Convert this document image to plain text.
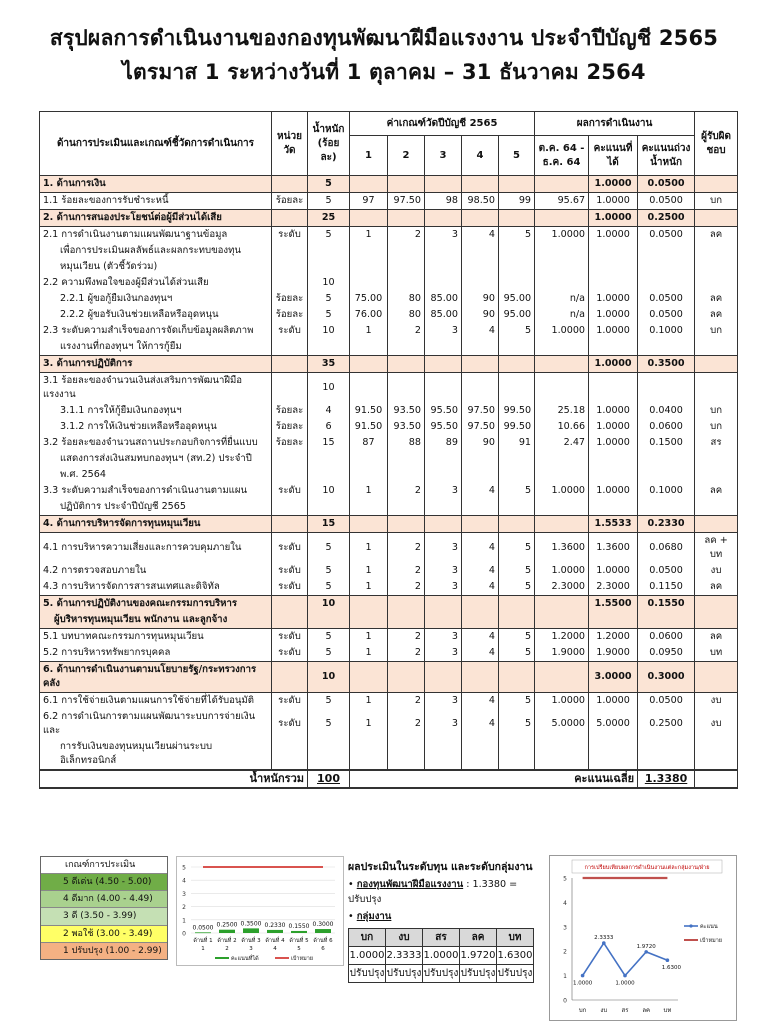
สรุปผลการดำเนินงานของกองทุนพัฒนาฝีมือแรงงาน ประจำปีบัญชี 2565
ไตรมาส 1 ระหว่างวันที่ 1 ตุลาคม – 31 ธันวาคม 2564
ด้านการประเมินและเกณฑ์ชี้วัดการดำเนินการ	หน่วยวัด	น้ำหนัก (ร้อยละ)	ค่าเกณฑ์วัดปีบัญชี 2565					ผลการดำเนินงาน			ผู้รับผิดชอบ
			1	2	3	4	5	ต.ค. 64 - ธ.ค. 64	คะแนนที่ได้	คะแนนถ่วงน้ำหนัก	
1. ด้านการเงิน		5							1.0000	0.0500	
1.1 ร้อยละของการรับชำระหนี้	ร้อยละ	5	97	97.50	98	98.50	99	95.67	1.0000	0.0500	บก
2. ด้านการสนองประโยชน์ต่อผู้มีส่วนได้เสีย		25							1.0000	0.2500	
2.1 การดำเนินงานตามแผนพัฒนาฐานข้อมูล	ระดับ	5	1	2	3	4	5	1.0000	1.0000	0.0500	ลค
เพื่อการประเมินผลลัพธ์และผลกระทบของทุน											
หมุนเวียน (ตัวชี้วัดร่วม)											
2.2 ความพึงพอใจของผู้มีส่วนได้ส่วนเสีย		10									
2.2.1 ผู้ขอกู้ยืมเงินกองทุนฯ	ร้อยละ	5	75.00	80	85.00	90	95.00	n/a	1.0000	0.0500	ลค
2.2.2 ผู้ขอรับเงินช่วยเหลือหรืออุดหนุน	ร้อยละ	5	76.00	80	85.00	90	95.00	n/a	1.0000	0.0500	ลค
2.3 ระดับความสำเร็จของการจัดเก็บข้อมูลผลิตภาพ	ระดับ	10	1	2	3	4	5	1.0000	1.0000	0.1000	บก
แรงงานที่กองทุนฯ ให้การกู้ยืม											
3. ด้านการปฏิบัติการ		35							1.0000	0.3500	
3.1 ร้อยละของจำนวนเงินส่งเสริมการพัฒนาฝีมือแรงงาน		10									
3.1.1 การให้กู้ยืมเงินกองทุนฯ	ร้อยละ	4	91.50	93.50	95.50	97.50	99.50	25.18	1.0000	0.0400	บก
3.1.2 การให้เงินช่วยเหลือหรืออุดหนุน	ร้อยละ	6	91.50	93.50	95.50	97.50	99.50	10.66	1.0000	0.0600	บก
3.2 ร้อยละของจำนวนสถานประกอบกิจการที่ยื่นแบบ	ร้อยละ	15	87	88	89	90	91	2.47	1.0000	0.1500	สร
แสดงการส่งเงินสมทบกองทุนฯ (สท.2) ประจำปี											
พ.ศ. 2564											
3.3 ระดับความสำเร็จของการดำเนินงานตามแผน	ระดับ	10	1	2	3	4	5	1.0000	1.0000	0.1000	ลค
ปฏิบัติการ ประจำปีบัญชี 2565											
4. ด้านการบริหารจัดการทุนหมุนเวียน		15							1.5533	0.2330	
4.1 การบริหารความเสี่ยงและการควบคุมภายใน	ระดับ	5	1	2	3	4	5	1.3600	1.3600	0.0680	ลค + บท
4.2 การตรวจสอบภายใน	ระดับ	5	1	2	3	4	5	1.0000	1.0000	0.0500	งบ
4.3 การบริหารจัดการสารสนเทศและดิจิทัล	ระดับ	5	1	2	3	4	5	2.3000	2.3000	0.1150	ลค
5. ด้านการปฏิบัติงานของคณะกรรมการบริหาร		10							1.5500	0.1550	
ผู้บริหารทุนหมุนเวียน พนักงาน และลูกจ้าง											
5.1 บทบาทคณะกรรมการทุนหมุนเวียน	ระดับ	5	1	2	3	4	5	1.2000	1.2000	0.0600	ลค
5.2 การบริหารทรัพยากรบุคคล	ระดับ	5	1	2	3	4	5	1.9000	1.9000	0.0950	บท
6. ด้านการดำเนินงานตามนโยบายรัฐ/กระทรวงการคลัง		10							3.0000	0.3000	
6.1 การใช้จ่ายเงินตามแผนการใช้จ่ายที่ได้รับอนุมัติ	ระดับ	5	1	2	3	4	5	1.0000	1.0000	0.0500	งบ
6.2 การดำเนินการตามแผนพัฒนาระบบการจ่ายเงินและ	ระดับ	5	1	2	3	4	5	5.0000	5.0000	0.2500	งบ
การรับเงินของทุนหมุนเวียนผ่านระบบอิเล็กทรอนิกส์											
น้ำหนักรวม		100						คะแนนเฉลี่ย		1.3380	
เกณฑ์การประเมิน
5 ดีเด่น (4.50 - 5.00)
4 ดีมาก (4.00 - 4.49)
3 ดี (3.50 - 3.99)
2 พอใช้ (3.00 - 3.49)
1 ปรับปรุง (1.00 - 2.99)
0
1
2
3
4
5
0.0500
ด้านที่ 1
1
0.2500
ด้านที่ 2
2
0.3500
ด้านที่ 3
3
0.2330
ด้านที่ 4
4
0.1550
ด้านที่ 5
5
0.3000
ด้านที่ 6
6
คะแนนที่ได้	เป้าหมาย
ผลประเมินในระดับทุน และระดับกลุ่มงาน
• กองทุนพัฒนาฝีมือแรงงาน : 1.3380 = ปรับปรุง
• กลุ่มงาน
บก	งบ	สร	ลค	บท
1.0000	2.3333	1.0000	1.9720	1.6300
ปรับปรุง	ปรับปรุง	ปรับปรุง	ปรับปรุง	ปรับปรุง
การเปรียบเทียบผลการดำเนินงานแต่ละกลุ่มงาน/ฝ่าย
0
1
2
3
4
5
บก งบ สร ลค บท
1.0000
2.3333
1.0000
1.9720
1.6300
คะแนน
เป้าหมาย
